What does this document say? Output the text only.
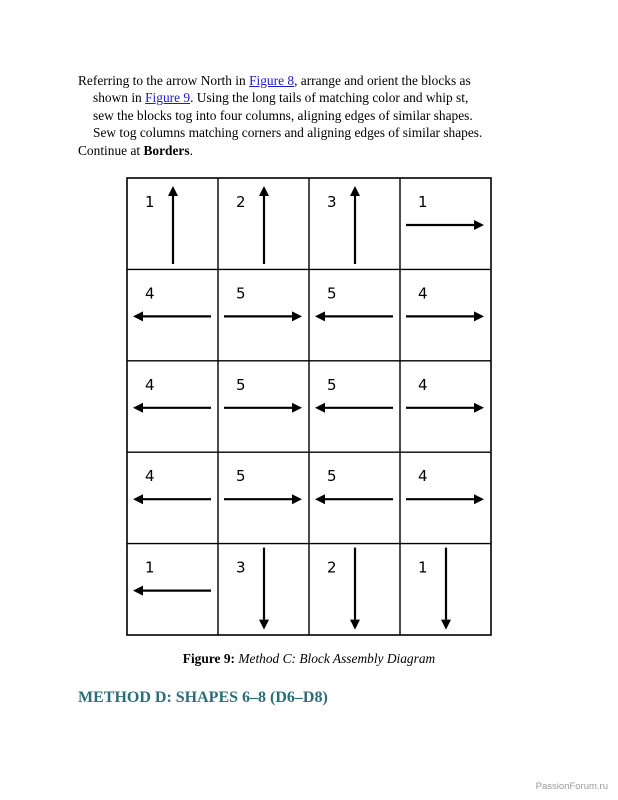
Referring to the arrow North in Figure 8, arrange and orient the blocks as
shown in Figure 9. Using the long tails of matching color and whip st,
sew the blocks tog into four columns, aligning edges of similar shapes.
Sew tog columns matching corners and aligning edges of similar shapes.
Continue at Borders.
1	2	3	1
4	5	5	4
4	5	5	4
4	5	5	4
1	3	2	1
Figure 9: Method C: Block Assembly Diagram
METHOD D: SHAPES 6–8 (D6–D8)
PassionForum.ru
